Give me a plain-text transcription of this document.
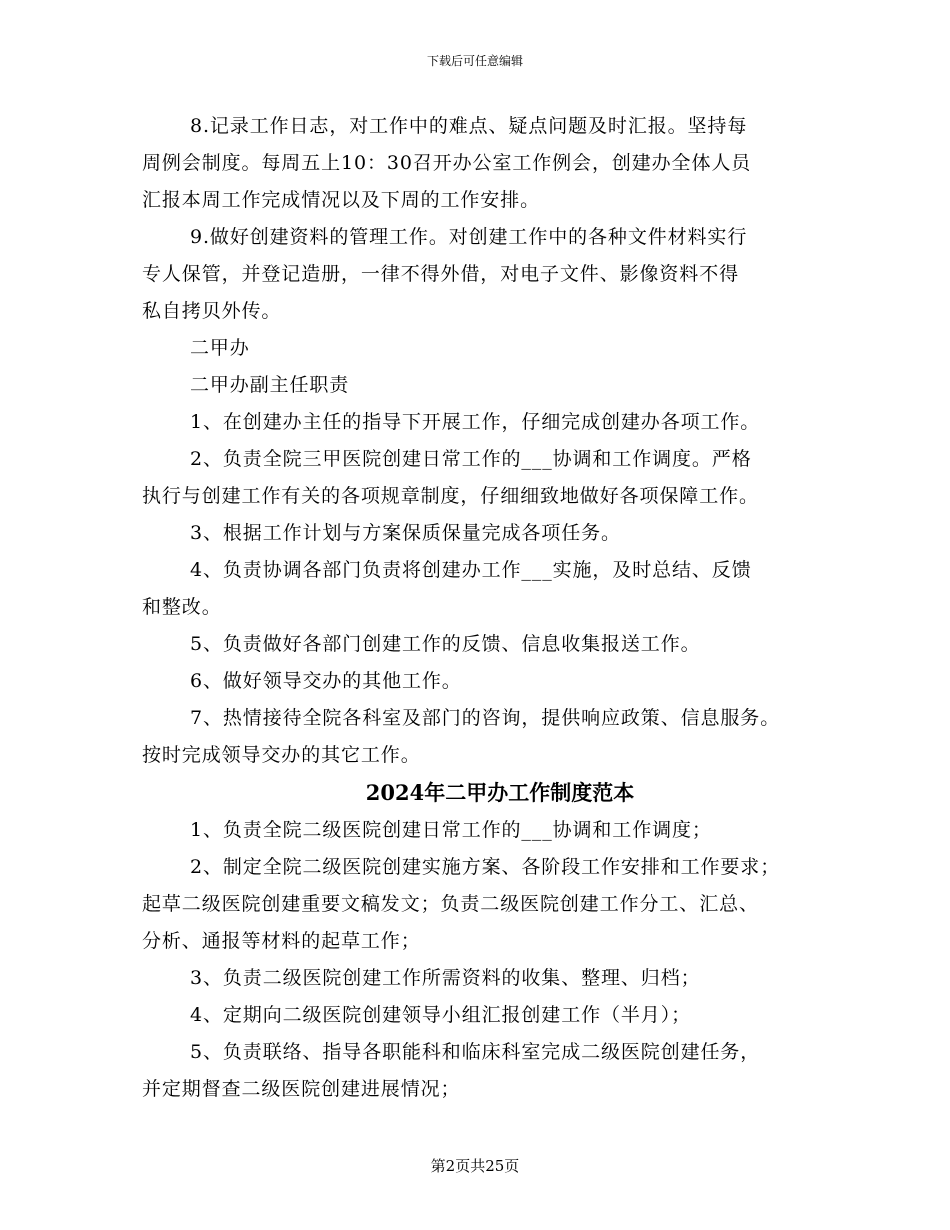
下载后可任意编辑
8.记录工作日志，对工作中的难点、疑点问题及时汇报。坚持每
周例会制度。每周五上10：30召开办公室工作例会，创建办全体人员
汇报本周工作完成情况以及下周的工作安排。
9.做好创建资料的管理工作。对创建工作中的各种文件材料实行
专人保管，并登记造册，一律不得外借，对电子文件、影像资料不得
私自拷贝外传。
二甲办
二甲办副主任职责
1、在创建办主任的指导下开展工作，仔细完成创建办各项工作。
2、负责全院三甲医院创建日常工作的___协调和工作调度。严格
执行与创建工作有关的各项规章制度，仔细细致地做好各项保障工作。
3、根据工作计划与方案保质保量完成各项任务。
4、负责协调各部门负责将创建办工作___实施，及时总结、反馈
和整改。
5、负责做好各部门创建工作的反馈、信息收集报送工作。
6、做好领导交办的其他工作。
7、热情接待全院各科室及部门的咨询，提供响应政策、信息服务。
按时完成领导交办的其它工作。
2024年二甲办工作制度范本
1、负责全院二级医院创建日常工作的___协调和工作调度；
2、制定全院二级医院创建实施方案、各阶段工作安排和工作要求；
起草二级医院创建重要文稿发文；负责二级医院创建工作分工、汇总、
分析、通报等材料的起草工作；
3、负责二级医院创建工作所需资料的收集、整理、归档；
4、定期向二级医院创建领导小组汇报创建工作（半月）；
5、负责联络、指导各职能科和临床科室完成二级医院创建任务，
并定期督查二级医院创建进展情况；
第2页共25页
